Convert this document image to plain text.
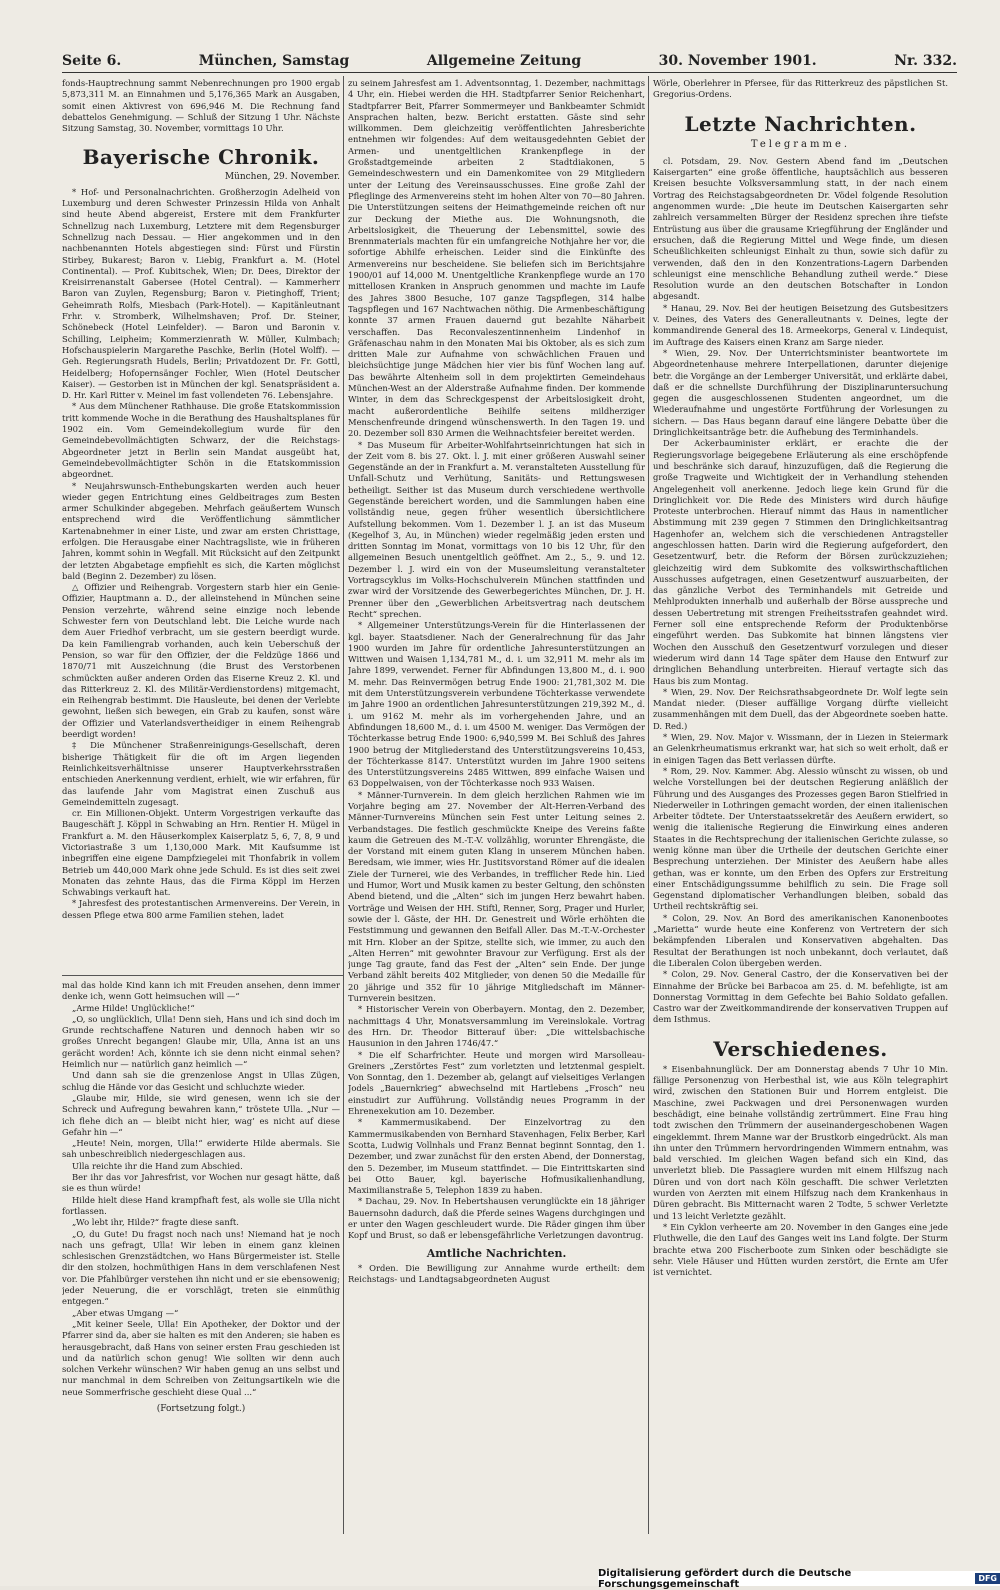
Seite 6.	München, Samstag	Allgemeine Zeitung	30. November 1901.	Nr. 332.

fonds-Hauptrechnung sammt Nebenrechnungen pro 1900 ergab 5,873,311 M. an Einnahmen und 5,176,365 Mark an Ausgaben, somit einen Aktivrest von 696,946 M. Die Rechnung fand debattelos Genehmigung. — Schluß der Sitzung 1 Uhr. Nächste Sitzung Samstag, 30. November, vormittags 10 Uhr.

Bayerische Chronik.
München, 29. November.

* Hof- und Personalnachrichten. Großherzogin Adelheid von Luxemburg und deren Schwester Prinzessin Hilda von Anhalt sind heute Abend abgereist, Erstere mit dem Frankfurter Schnellzug nach Luxemburg, Letztere mit dem Regensburger Schnellzug nach Dessau. — Hier angekommen und in den nachbenannten Hotels abgestiegen sind: Fürst und Fürstin Stirbey, Bukarest; Baron v. Liebig, Frankfurt a. M. (Hotel Continental). — Prof. Kubitschek, Wien; Dr. Dees, Direktor der Kreisirrenanstalt Gabersee (Hotel Central). — Kammerherr Baron van Zuylen, Regensburg; Baron v. Pietinghoff, Trient; Geheimrath Rolfs, Miesbach (Park-Hotel). — Kapitänleutnant Frhr. v. Stromberk, Wilhelmshaven; Prof. Dr. Steiner, Schönebeck (Hotel Leinfelder). — Baron und Baronin v. Schilling, Leipheim; Kommerzienrath W. Müller, Kulmbach; Hofschauspielerin Margarethe Paschke, Berlin (Hotel Wolff). — Geh. Regierungsrath Hudels, Berlin; Privatdozent Dr. Fr. Gottl, Heidelberg; Hofopernsänger Fochler, Wien (Hotel Deutscher Kaiser). — Gestorben ist in München der kgl. Senatspräsident a. D. Hr. Karl Ritter v. Meinel im fast vollendeten 76. Lebensjahre.

* Aus dem Münchener Rathhause. Die große Etatskommission tritt kommende Woche in die Berathung des Haushaltsplanes für 1902 ein. Vom Gemeindekollegium wurde für den Gemeindebevollmächtigten Schwarz, der die Reichstags-Abgeordneter jetzt in Berlin sein Mandat ausgeübt hat, Gemeindebevollmächtigter Schön in die Etatskommission abgeordnet.

* Neujahrswunsch-Enthebungskarten werden auch heuer wieder gegen Entrichtung eines Geldbeitrages zum Besten armer Schulkinder abgegeben. Mehrfach geäußertem Wunsch entsprechend wird die Veröffentlichung sämmtlicher Kartenabnehmer in einer Liste, und zwar am ersten Christtage, erfolgen. Die Herausgabe einer Nachtragsliste, wie in früheren Jahren, kommt sohin in Wegfall. Mit Rücksicht auf den Zeitpunkt der letzten Abgabetage empfiehlt es sich, die Karten möglichst bald (Beginn 2. Dezember) zu lösen.

△ Offizier und Reihengrab. Vorgestern starb hier ein Genie-Offizier, Hauptmann a. D., der alleinstehend in München seine Pension verzehrte, während seine einzige noch lebende Schwester fern von Deutschland lebt. Die Leiche wurde nach dem Auer Friedhof verbracht, um sie gestern beerdigt wurde. Da kein Familiengrab vorhanden, auch kein Ueberschuß der Pension, so war für den Offizier, der die Feldzüge 1866 und 1870/71 mit Auszeichnung (die Brust des Verstorbenen schmückten außer anderen Orden das Eiserne Kreuz 2. Kl. und das Ritterkreuz 2. Kl. des Militär-Verdienstordens) mitgemacht, ein Reihengrab bestimmt. Die Hausleute, bei denen der Verlebte gewohnt, ließen sich bewegen, ein Grab zu kaufen, sonst wäre der Offizier und Vaterlandsvertheidiger in einem Reihengrab beerdigt worden!

‡ Die Münchener Straßenreinigungs-Gesellschaft, deren bisherige Thätigkeit für die oft im Argen liegenden Reinlichkeitsverhältnisse unserer Hauptverkehrsstraßen entschieden Anerkennung verdient, erhielt, wie wir erfahren, für das laufende Jahr vom Magistrat einen Zuschuß aus Gemeindemitteln zugesagt.

cr. Ein Millionen-Objekt. Unterm Vorgestrigen verkaufte das Baugeschäft J. Köppl in Schwabing an Hrn. Rentier H. Mügel in Frankfurt a. M. den Häuserkomplex Kaiserplatz 5, 6, 7, 8, 9 und Victoriastraße 3 um 1,130,000 Mark. Mit Kaufsumme ist inbegriffen eine eigene Dampfziegelei mit Thonfabrik in vollem Betrieb um 440,000 Mark ohne jede Schuld. Es ist dies seit zwei Monaten das zehnte Haus, das die Firma Köppl im Herzen Schwabings verkauft hat.

* Jahresfest des protestantischen Armenvereins. Der Verein, in dessen Pflege etwa 800 arme Familien stehen, ladet

mal das holde Kind kann ich mit Freuden ansehen, denn immer denke ich, wenn Gott heimsuchen will —“

„Arme Hilde! Unglückliche!“

„O, so unglücklich, Ulla! Denn sieh, Hans und ich sind doch im Grunde rechtschaffene Naturen und dennoch haben wir so großes Unrecht begangen! Glaube mir, Ulla, Anna ist an uns gerächt worden! Ach, könnte ich sie denn nicht einmal sehen? Heimlich nur — natürlich ganz heimlich —“

Und dann sah sie die grenzenlose Angst in Ullas Zügen, schlug die Hände vor das Gesicht und schluchzte wieder.

„Glaube mir, Hilde, sie wird genesen, wenn ich sie der Schreck und Aufregung bewahren kann,“ tröstete Ulla. „Nur — ich flehe dich an — bleibt nicht hier, wag’ es nicht auf diese Gefahr hin —“

„Heute! Nein, morgen, Ulla!“ erwiderte Hilde abermals. Sie sah unbeschreiblich niedergeschlagen aus.

Ulla reichte ihr die Hand zum Abschied.

Ber ihr das vor Jahresfrist, vor Wochen nur gesagt hätte, daß sie es thun würde!

Hilde hielt diese Hand krampfhaft fest, als wolle sie Ulla nicht fortlassen.

„Wo lebt ihr, Hilde?“ fragte diese sanft.

„O, du Gute! Du fragst noch nach uns! Niemand hat je noch nach uns gefragt, Ulla! Wir leben in einem ganz kleinen schlesischen Grenzstädtchen, wo Hans Bürgermeister ist. Stelle dir den stolzen, hochmüthigen Hans in dem verschlafenen Nest vor. Die Pfahlbürger verstehen ihn nicht und er sie ebensowenig; jeder Neuerung, die er vorschlägt, treten sie einmüthig entgegen.“

„Aber etwas Umgang —“

„Mit keiner Seele, Ulla! Ein Apotheker, der Doktor und der Pfarrer sind da, aber sie halten es mit den Anderen; sie haben es herausgebracht, daß Hans von seiner ersten Frau geschieden ist und da natürlich schon genug! Wie sollten wir denn auch solchen Verkehr wünschen? Wir haben genug an uns selbst und nur manchmal in dem Schreiben von Zeitungsartikeln wie die neue Sommerfrische geschieht diese Qual ...“

(Fortsetzung folgt.)

zu seinem Jahresfest am 1. Adventsonntag, 1. Dezember, nachmittags 4 Uhr, ein. Hiebei werden die HH. Stadtpfarrer Senior Reichenhart, Stadtpfarrer Beit, Pfarrer Sommermeyer und Bankbeamter Schmidt Ansprachen halten, bezw. Bericht erstatten. Gäste sind sehr willkommen. Dem gleichzeitig veröffentlichten Jahresberichte entnehmen wir folgendes: Auf dem weitausgedehnten Gebiet der Armen- und unentgeltlichen Krankenpflege in der Großstadtgemeinde arbeiten 2 Stadtdiakonen, 5 Gemeindeschwestern und ein Damenkomitee von 29 Mitgliedern unter der Leitung des Vereinsausschusses. Eine große Zahl der Pfleglinge des Armenvereins steht im hohen Alter von 70—80 Jahren. Die Unterstützungen seitens der Heimathgemeinde reichen oft nur zur Deckung der Miethe aus. Die Wohnungsnoth, die Arbeitslosigkeit, die Theuerung der Lebensmittel, sowie des Brennmaterials machten für ein umfangreiche Nothjahre her vor, die sofortige Abhilfe erheischen. Leider sind die Einkünfte des Armenvereins nur bescheidene. Sie beliefen sich im Berichtsjahre 1900/01 auf 14,000 M. Unentgeltliche Krankenpflege wurde an 170 mittellosen Kranken in Anspruch genommen und machte im Laufe des Jahres 3800 Besuche, 107 ganze Tagspflegen, 314 halbe Tagspflegen und 167 Nachtwachen nöthig. Die Armenbeschäftigung konnte 37 armen Frauen dauernd gut bezahlte Näharbeit verschaffen. Das Reconvaleszentinnenheim Lindenhof in Gräfenaschau nahm in den Monaten Mai bis Oktober, als es sich zum dritten Male zur Aufnahme von schwächlichen Frauen und bleichsüchtige junge Mädchen hier vier bis fünf Wochen lang auf. Das bewährte Altenheim soll in dem projektirten Gemeindehaus München-West an der Alderstraße Aufnahme finden. Der kommende Winter, in dem das Schreckgespenst der Arbeitslosigkeit droht, macht außerordentliche Beihilfe seitens mildherziger Menschenfreunde dringend wünschenswerth. In den Tagen 19. und 20. Dezember soll 830 Armen die Weihnachtsfeier bereitet werden.

* Das Museum für Arbeiter-Wohlfahrtseinrichtungen hat sich in der Zeit vom 8. bis 27. Okt. l. J. mit einer größeren Auswahl seiner Gegenstände an der in Frankfurt a. M. veranstalteten Ausstellung für Unfall-Schutz und Verhütung, Sanitäts- und Rettungswesen betheiligt. Seither ist das Museum durch verschiedene werthvolle Gegenstände bereichert worden, und die Sammlungen haben eine vollständig neue, gegen früher wesentlich übersichtlichere Aufstellung bekommen. Vom 1. Dezember l. J. an ist das Museum (Kegelhof 3, Au, in München) wieder regelmäßig jeden ersten und dritten Sonntag im Monat, vormittags von 10 bis 12 Uhr, für den allgemeinen Besuch unentgeltlich geöffnet. Am 2., 5., 9. und 12. Dezember l. J. wird ein von der Museumsleitung veranstalteter Vortragscyklus im Volks-Hochschulverein München stattfinden und zwar wird der Vorsitzende des Gewerbegerichtes München, Dr. J. H. Prenner über den „Gewerblichen Arbeitsvertrag nach deutschem Recht“ sprechen.

* Allgemeiner Unterstützungs-Verein für die Hinterlassenen der kgl. bayer. Staatsdiener. Nach der Generalrechnung für das Jahr 1900 wurden im Jahre für ordentliche Jahresunterstützungen an Wittwen und Waisen 1,134,781 M., d. i. um 32,911 M. mehr als im Jahre 1899, verwendet. Ferner für Abfindungen 13,800 M., d. i. 900 M. mehr. Das Reinvermögen betrug Ende 1900: 21,781,302 M. Die mit dem Unterstützungsverein verbundene Töchterkasse verwendete im Jahre 1900 an ordentlichen Jahresunterstützungen 219,392 M., d. i. um 9162 M. mehr als im vorhergehenden Jahre, und an Abfindungen 18,600 M., d. i. um 4500 M. weniger. Das Vermögen der Töchterkasse betrug Ende 1900: 6,940,599 M. Bei Schluß des Jahres 1900 betrug der Mitgliederstand des Unterstützungsvereins 10,453, der Töchterkasse 8147. Unterstützt wurden im Jahre 1900 seitens des Unterstützungsvereins 2485 Wittwen, 899 einfache Waisen und 63 Doppelwaisen, von der Töchterkasse noch 933 Waisen.

* Männer-Turnverein. In dem gleich herzlichen Rahmen wie im Vorjahre beging am 27. November der Alt-Herren-Verband des Männer-Turnvereins München sein Fest unter Leitung seines 2. Verbandstages. Die festlich geschmückte Kneipe des Vereins faßte kaum die Getreuen des M.-T.-V. vollzählig, worunter Ehrengäste, die der Vorstand mit einem guten Klang in unserem München haben. Beredsam, wie immer, wies Hr. Justitsvorstand Römer auf die idealen Ziele der Turnerei, wie des Verbandes, in trefflicher Rede hin. Lied und Humor, Wort und Musik kamen zu bester Geltung, den schönsten Abend bietend, und die „Alten“ sich im jungen Herz bewahrt haben. Vorträge und Weisen der HH. Stiftl, Renner, Sorg, Prager und Hurler, sowie der l. Gäste, der HH. Dr. Genestreit und Wörle erhöhten die Feststimmung und gewannen den Beifall Aller. Das M.-T.-V.-Orchester mit Hrn. Klober an der Spitze, stellte sich, wie immer, zu auch den „Alten Herren“ mit gewohnter Bravour zur Verfügung. Erst als der junge Tag graute, fand das Fest der „Alten“ sein Ende. Der junge Verband zählt bereits 402 Mitglieder, von denen 50 die Medaille für 20 jährige und 352 für 10 jährige Mitgliedschaft im Männer-Turnverein besitzen.

* Historischer Verein von Oberbayern. Montag, den 2. Dezember, nachmittags 4 Uhr, Monatsversammlung im Vereinslokale. Vortrag des Hrn. Dr. Theodor Bitterauf über: „Die wittelsbachische Hausunion in den Jahren 1746/47.“

* Die elf Scharfrichter. Heute und morgen wird Marsolleau-Greiners „Zerstörtes Fest“ zum vorletzten und letztenmal gespielt. Von Sonntag, den 1. Dezember ab, gelangt auf vielseitiges Verlangen Jodels „Bauernkrieg“ abwechselnd mit Hartlebens „Frosch“ neu einstudirt zur Aufführung. Vollständig neues Programm in der Ehrenexekution am 10. Dezember.

* Kammermusikabend. Der Einzelvortrag zu den Kammermusikabenden von Bernhard Stavenhagen, Felix Berber, Karl Scotta, Ludwig Vollnhals und Franz Bennat beginnt Sonntag, den 1. Dezember, und zwar zunächst für den ersten Abend, der Donnerstag, den 5. Dezember, im Museum stattfindet. — Die Eintrittskarten sind bei Otto Bauer, kgl. bayerische Hofmusikalienhandlung, Maximilianstraße 5, Telephon 1839 zu haben.

* Dachau, 29. Nov. In Hebertshausen verunglückte ein 18 jähriger Bauernsohn dadurch, daß die Pferde seines Wagens durchgingen und er unter den Wagen geschleudert wurde. Die Räder gingen ihm über Kopf und Brust, so daß er lebensgefährliche Verletzungen davontrug.

Amtliche Nachrichten.

* Orden. Die Bewilligung zur Annahme wurde ertheilt: dem Reichstags- und Landtagsabgeordneten August

Wörle, Oberlehrer in Pfersee, für das Ritterkreuz des päpstlichen St. Gregorius-Ordens.

Letzte Nachrichten.
Telegramme.

cl. Potsdam, 29. Nov. Gestern Abend fand im „Deutschen Kaisergarten“ eine große öffentliche, hauptsächlich aus besseren Kreisen besuchte Volksversammlung statt, in der nach einem Vortrag des Reichstagsabgeordneten Dr. Vödel folgende Resolution angenommen wurde: „Die heute im Deutschen Kaisergarten sehr zahlreich versammelten Bürger der Residenz sprechen ihre tiefste Entrüstung aus über die grausame Kriegführung der Engländer und ersuchen, daß die Regierung Mittel und Wege finde, um diesen Scheußlichkeiten schleunigst Einhalt zu thun, sowie sich dafür zu verwenden, daß den in den Konzentrations-Lagern Darbenden schleunigst eine menschliche Behandlung zutheil werde.“ Diese Resolution wurde an den deutschen Botschafter in London abgesandt.

* Hanau, 29. Nov. Bei der heutigen Beisetzung des Gutsbesitzers v. Deines, des Vaters des Generalleutnants v. Deines, legte der kommandirende General des 18. Armeekorps, General v. Lindequist, im Auftrage des Kaisers einen Kranz am Sarge nieder.

* Wien, 29. Nov. Der Unterrichtsminister beantwortete im Abgeordnetenhause mehrere Interpellationen, darunter diejenige betr. die Vorgänge an der Lemberger Universität, und erklärte dabei, daß er die schnellste Durchführung der Disziplinaruntersuchung gegen die ausgeschlossenen Studenten angeordnet, um die Wiederaufnahme und ungestörte Fortführung der Vorlesungen zu sichern. — Das Haus begann darauf eine längere Debatte über die Dringlichkeitsanträge betr. die Aufhebung des Terminhandels.

Der Ackerbauminister erklärt, er erachte die der Regierungsvorlage beigegebene Erläuterung als eine erschöpfende und beschränke sich darauf, hinzuzufügen, daß die Regierung die große Tragweite und Wichtigkeit der in Verhandlung stehenden Angelegenheit voll anerkenne. Jedoch liege kein Grund für die Dringlichkeit vor. Die Rede des Ministers wird durch häufige Proteste unterbrochen. Hierauf nimmt das Haus in namentlicher Abstimmung mit 239 gegen 7 Stimmen den Dringlichkeitsantrag Hagenhofer an, welchem sich die verschiedenen Antragsteller angeschlossen hatten. Darin wird die Regierung aufgefordert, den Gesetzentwurf, betr. die Reform der Börsen zurückzuziehen; gleichzeitig wird dem Subkomite des volkswirthschaftlichen Ausschusses aufgetragen, einen Gesetzentwurf auszuarbeiten, der das gänzliche Verbot des Terminhandels mit Getreide und Mehlprodukten innerhalb und außerhalb der Börse ausspreche und dessen Uebertretung mit strengen Freiheitsstrafen geahndet wird. Ferner soll eine entsprechende Reform der Produktenbörse eingeführt werden. Das Subkomite hat binnen längstens vier Wochen den Ausschuß den Gesetzentwurf vorzulegen und dieser wiederum wird dann 14 Tage später dem Hause den Entwurf zur dringlichen Behandlung unterbreiten. Hierauf vertagte sich das Haus bis zum Montag.

* Wien, 29. Nov. Der Reichsrathsabgeordnete Dr. Wolf legte sein Mandat nieder. (Dieser auffällige Vorgang dürfte vielleicht zusammenhängen mit dem Duell, das der Abgeordnete soeben hatte. D. Red.)

* Wien, 29. Nov. Major v. Wissmann, der in Liezen in Steiermark an Gelenkrheumatismus erkrankt war, hat sich so weit erholt, daß er in einigen Tagen das Bett verlassen dürfte.

* Rom, 29. Nov. Kammer. Abg. Alessio wünscht zu wissen, ob und welche Vorstellungen bei der deutschen Regierung anläßlich der Führung und des Ausganges des Prozesses gegen Baron Stielfried in Niederweiler in Lothringen gemacht worden, der einen italienischen Arbeiter tödtete. Der Unterstaatssekretär des Aeußern erwidert, so wenig die italienische Regierung die Einwirkung eines anderen Staates in die Rechtsprechung der italienischen Gerichte zulasse, so wenig könne man über die Urtheile der deutschen Gerichte einer Besprechung unterziehen. Der Minister des Aeußern habe alles gethan, was er konnte, um den Erben des Opfers zur Erstreitung einer Entschädigungssumme behilflich zu sein. Die Frage soll Gegenstand diplomatischer Verhandlungen bleiben, sobald das Urtheil rechtskräftig sei.

* Colon, 29. Nov. An Bord des amerikanischen Kanonenbootes „Marietta“ wurde heute eine Konferenz von Vertretern der sich bekämpfenden Liberalen und Konservativen abgehalten. Das Resultat der Berathungen ist noch unbekannt, doch verlautet, daß die Liberalen Colon übergeben werden.

* Colon, 29. Nov. General Castro, der die Konservativen bei der Einnahme der Brücke bei Barbacoa am 25. d. M. befehligte, ist am Donnerstag Vormittag in dem Gefechte bei Bahio Soldato gefallen. Castro war der Zweitkommandirende der konservativen Truppen auf dem Isthmus.

Verschiedenes.

* Eisenbahnunglück. Der am Donnerstag abends 7 Uhr 10 Min. fällige Personenzug von Herbesthal ist, wie aus Köln telegraphirt wird, zwischen den Stationen Buir und Horrem entgleist. Die Maschine, zwei Packwagen und drei Personenwagen wurden beschädigt, eine beinahe vollständig zertrümmert. Eine Frau hing todt zwischen den Trümmern der auseinandergeschobenen Wagen eingeklemmt. Ihrem Manne war der Brustkorb eingedrückt. Als man ihn unter den Trümmern hervordringenden Wimmern entnahm, was bald verschied. Im gleichen Wagen befand sich ein Kind, das unverletzt blieb. Die Passagiere wurden mit einem Hilfszug nach Düren und von dort nach Köln geschafft. Die schwer Verletzten wurden von Aerzten mit einem Hilfszug nach dem Krankenhaus in Düren gebracht. Bis Mitternacht waren 2 Todte, 5 schwer Verletzte und 13 leicht Verletzte gezählt.

* Ein Cyklon verheerte am 20. November in den Ganges eine jede Fluthwelle, die den Lauf des Ganges weit ins Land folgte. Der Sturm brachte etwa 200 Fischerboote zum Sinken oder beschädigte sie sehr. Viele Häuser und Hütten wurden zerstört, die Ernte am Ufer ist vernichtet.

Digitalisierung gefördert durch die Deutsche Forschungsgemeinschaft	DFG
